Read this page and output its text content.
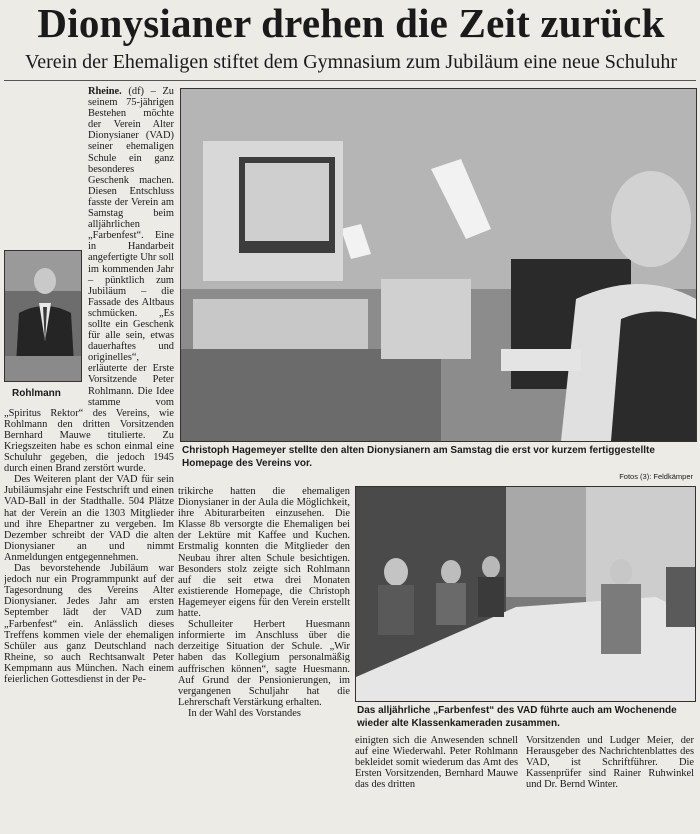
Dionysianer drehen die Zeit zurück
Verein der Ehemaligen stiftet dem Gymnasium zum Jubiläum eine neue Schuluhr

Rheine. (df) – Zu seinem 75-jährigen Bestehen möchte der Verein Alter Dionysianer (VAD) seiner ehemaligen Schule ein ganz besonderes Geschenk machen. Diesen Entschluss fasste der Verein am Samstag beim alljährlichen „Farbenfest“. Eine in Handarbeit angefertigte Uhr soll im kommenden Jahr – pünktlich zum Jubiläum – die Fassade des Altbaus schmücken. „Es sollte ein Geschenk für alle sein, etwas dauerhaftes und originelles“, erläuterte der Erste Vorsitzende Peter Rohlmann. Die Idee stamme vom „Spiritus Rektor“ des Vereins, wie Rohlmann den dritten Vorsitzenden Bernhard Mauwe titulierte. Zu Kriegszeiten habe es schon einmal eine Schuluhr gegeben, die jedoch 1945 durch einen Brand zerstört wurde.

Des Weiteren plant der VAD für sein Jubiläumsjahr eine Festschrift und einen VAD-Ball in der Stadthalle. 504 Plätze hat der Verein an die 1303 Mitglieder und ihre Ehepartner zu vergeben. Im Dezember schreibt der VAD die alten Dionysianer an und nimmt Anmeldungen entgegennehmen.

Das bevorstehende Jubiläum war jedoch nur ein Programmpunkt auf der Tagesordnung des Vereins Alter Dionysianer. Jedes Jahr am ersten September lädt der VAD zum „Farbenfest“ ein. Anlässlich dieses Treffens kommen viele der ehemaligen Schüler aus ganz Deutschland nach Rheine, so auch Rechtsanwalt Peter Kempmann aus München. Nach einem feierlichen Gottesdienst in der Pe-

Rohlmann
Christoph Hagemeyer stellte den alten Dionysianern am Samstag die erst vor kurzem fertiggestellte Homepage des Vereins vor.
Fotos (3): Feldkämper

trikirche hatten die ehemaligen Dionysianer in der Aula die Möglichkeit, ihre Abiturarbeiten einzusehen. Die Klasse 8b versorgte die Ehemaligen bei der Lektüre mit Kaffee und Kuchen. Erstmalig konnten die Mitglieder den Neubau ihrer alten Schule besichtigen. Besonders stolz zeigte sich Rohlmann auf die seit etwa drei Monaten existierende Homepage, die Christoph Hagemeyer eigens für den Verein erstellt hatte.

Schulleiter Herbert Huesmann informierte im Anschluss über die derzeitige Situation der Schule. „Wir haben das Kollegium personalmäßig auffrischen können“, sagte Huesmann. Auf Grund der Pensionierungen, im vergangenen Schuljahr hat die Lehrerschaft Verstärkung erhalten.

In der Wahl des Vorstandes	Das alljährliche „Farbenfest“ des VAD führte auch am Wochenende wieder alte Klassenkameraden zusammen.

einigten sich die Anwesenden schnell auf eine Wiederwahl. Peter Rohlmann bekleidet somit wiederum das Amt des Ersten Vorsitzenden, Bernhard Mauwe das des dritten

Vorsitzenden und Ludger Meier, der Herausgeber des Nachrichtenblattes des VAD, ist Schriftführer. Die Kassenprüfer sind Rainer Ruhwinkel und Dr. Bernd Winter.
